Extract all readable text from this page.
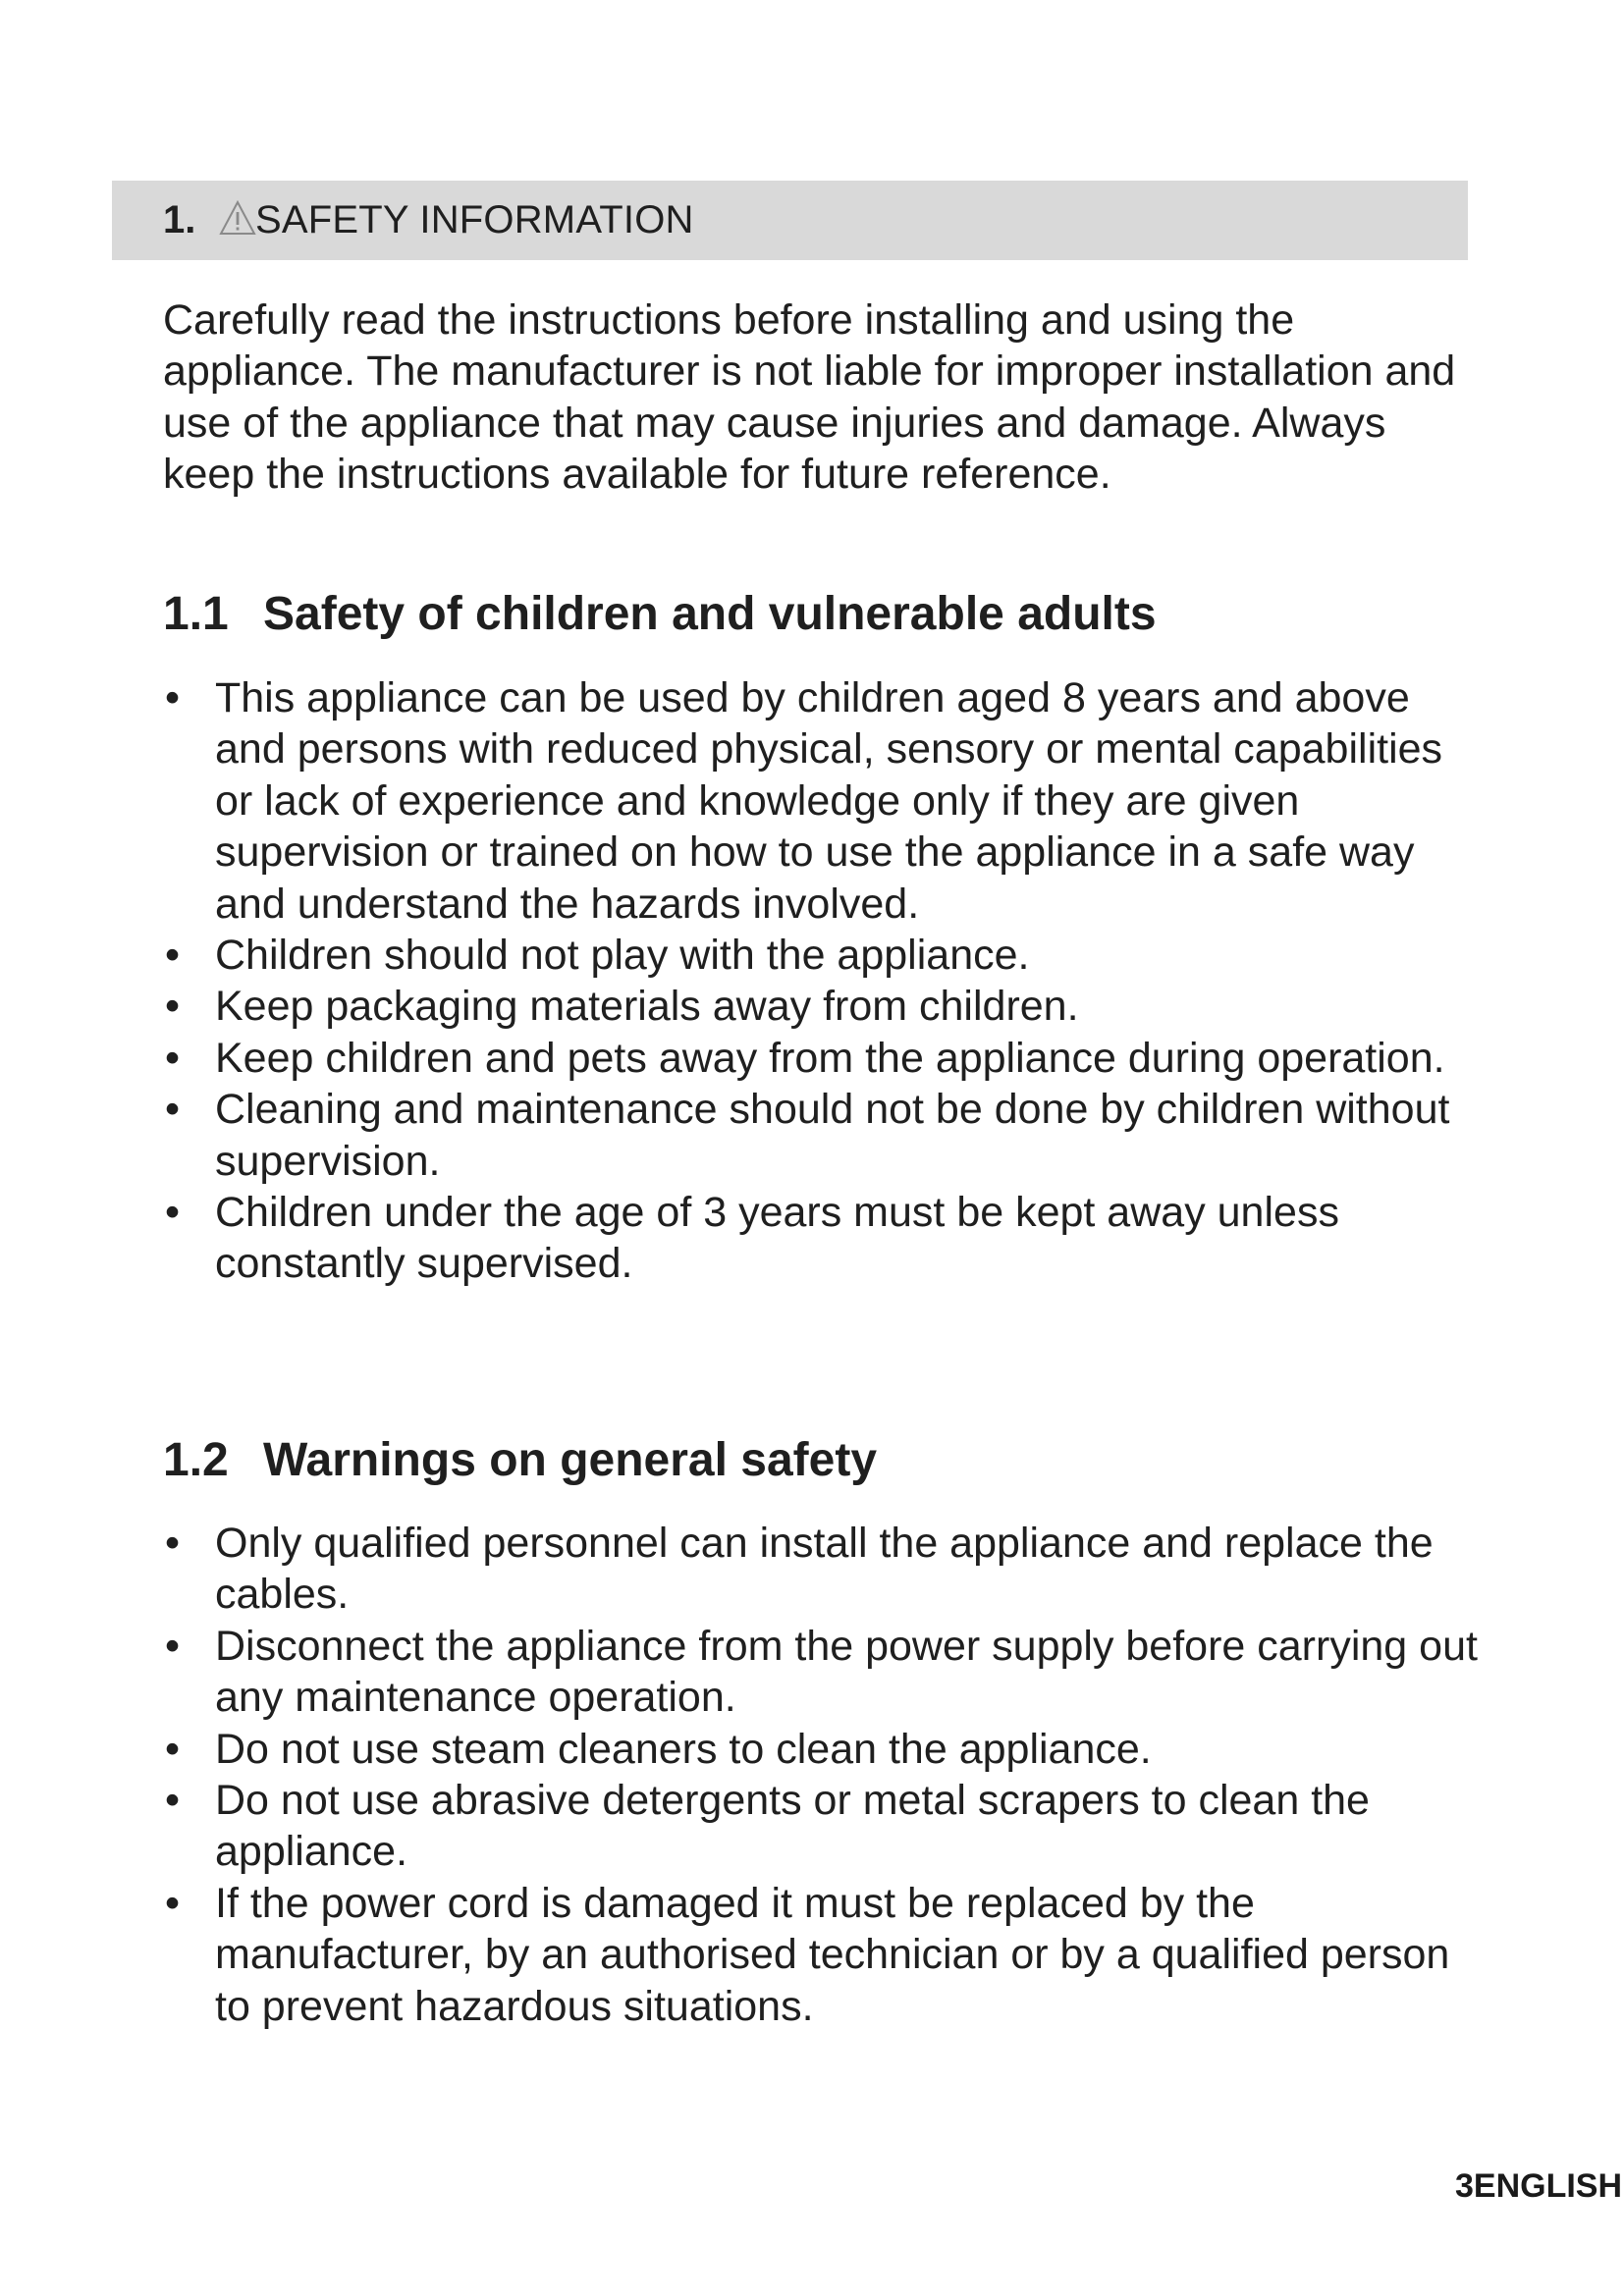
1. SAFETY INFORMATION

Carefully read the instructions before installing and using the appliance. The manufacturer is not liable for improper installation and use of the appliance that may cause injuries and damage. Always keep the instructions available for future reference.

1.1 Safety of children and vulnerable adults
• This appliance can be used by children aged 8 years and above and persons with reduced physical, sensory or mental capabilities or lack of experience and knowledge only if they are given supervision or trained on how to use the appliance in a safe way and understand the hazards involved.
• Children should not play with the appliance.
• Keep packaging materials away from children.
• Keep children and pets away from the appliance during operation.
• Cleaning and maintenance should not be done by children without supervision.
• Children under the age of 3 years must be kept away unless constantly supervised.
1.2 Warnings on general safety
• Only qualified personnel can install the appliance and replace the cables.
• Disconnect the appliance from the power supply before carrying out any maintenance operation.
• Do not use steam cleaners to clean the appliance.
• Do not use abrasive detergents or metal scrapers to clean the appliance.
• If the power cord is damaged it must be replaced by the manufacturer, by an authorised technician or by a qualified person to prevent hazardous situations.
3ENGLISH
